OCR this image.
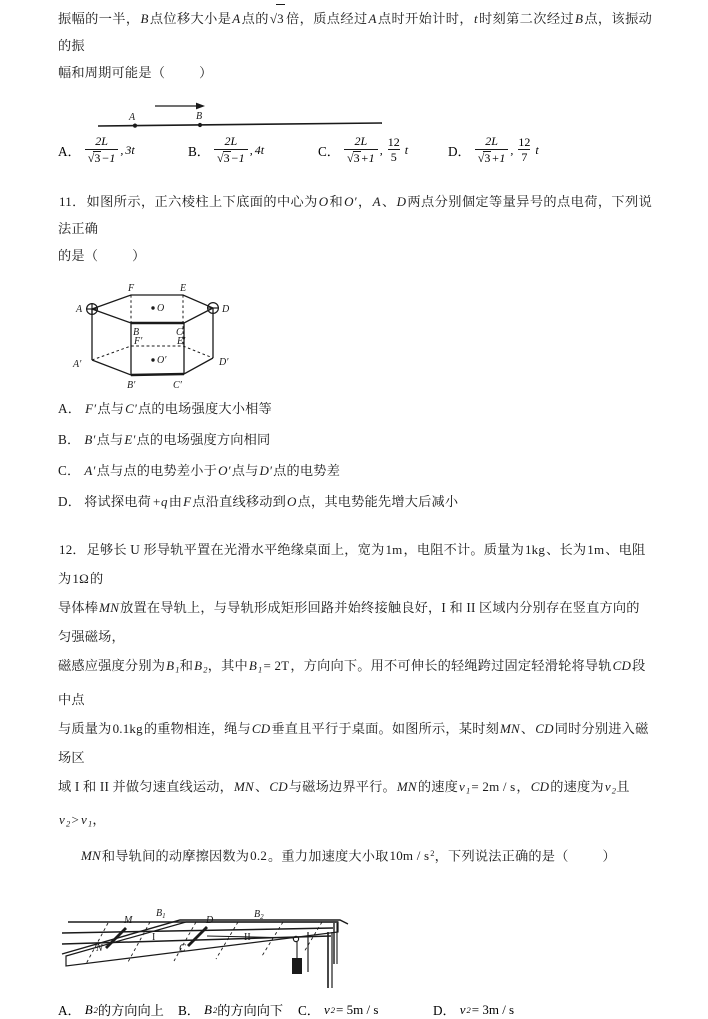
振幅的一半，B点位移大小是A点的√3 倍，质点经过A点时开始计时，t时刻第二次经过B点，该振动的振
幅和周期可能是（	）
A	B
A． $\frac{2L}{√3-1}$ , 3t	B． $\frac{2L}{√3-1}$ , 4t	C． $\frac{2L}{√3+1}$ , $\frac{12}{5}$ t	D． $\frac{2L}{√3+1}$ , $\frac{12}{7}$ t
11．如图所示，正六棱柱上下底面的中心为O和O′，A、D两点分别個定等量异号的点电荷，下列说法正确
的是（	）
A
B	C
D
E
F
A′
B′	C′
D′
E′
F′
O
O′
A． F′ 点与 C′ 点的电场强度大小相等
B． B′ 点与 E′ 点的电场强度方向相同
C． A′ 点与点的电势差小于 O′ 点与 D′ 点的电势差
D． 将试探电荷 +q 由 F 点沿直线移动到 O 点，其电势能先增大后减小
12．足够长 U 形导轨平置在光滑水平绝缘桌面上，宽为1m，电阻不计。质量为1kg、长为1m、电阻为1Ω的
导体棒MN放置在导轨上，与导轨形成矩形回路并始终接触良好，I 和 II 区域内分别存在竖直方向的匀强磁场，
磁感应强度分别为$B_1$和$B_2$，其中$B_1= 2T$，方向向下。用不可伸长的轻绳跨过固定轻滑轮将导轨CD段中点
与质量为0.1kg的重物相连，绳与CD垂直且平行于桌面。如图所示，某时刻MN、CD同时分别进入磁场区
域 I 和 II 并做匀速直线运动，MN、CD与磁场边界平行。MN的速度$v_1= 2m / s$，CD的速度为$v_2$且$v_2> v_1$，
MN和导轨间的动摩擦因数为0.2。重力加速度大小取$10m / s^2$，下列说法正确的是（	）
M
N
D
C
I	II
$B_1$	$B_2$
A． B 2 的方向向上 B． B 2 的方向向下 C． v 2 = 5m / s	D． v 2 = 3m / s
